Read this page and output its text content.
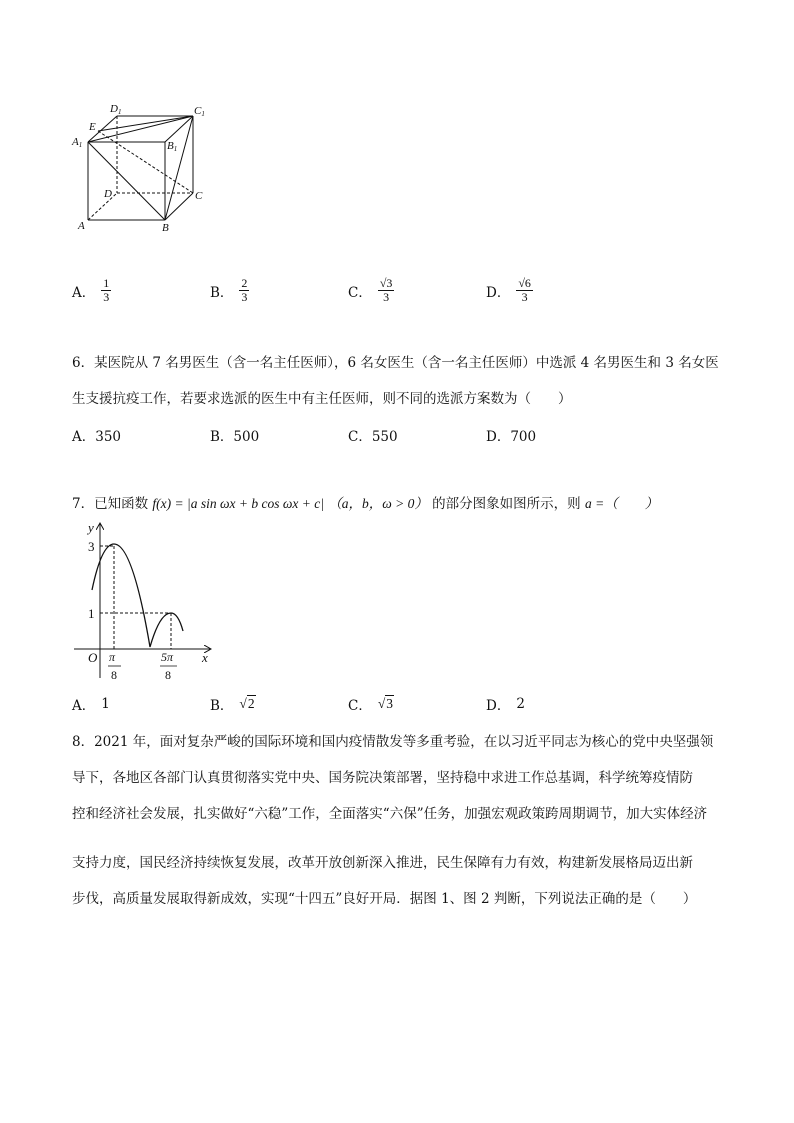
D1	C1
E
A1	B1
D	C
A	B
A． $\frac{1}{3}$	B． $\frac{2}{3}$	C． $\frac{√3}{3}$	D． $\frac{√6}{3}$
6．某医院从 7 名男医生（含一名主任医师），6 名女医生（含一名主任医师）中选派 4 名男医生和 3 名女医
生支援抗疫工作，若要求选派的医生中有主任医师，则不同的选派方案数为（　　）
A．350	B．500	C．550	D．700
7．已知函数 f(x) = |a sin ωx + b cos ωx + c| （a，b，ω > 0） 的部分图象如图所示，则 a =（　　）
y
x
O
3
1
π
8
5π
8
A． 1	B． √2	C． √3	D． 2
8．2021 年，面对复杂严峻的国际环境和国内疫情散发等多重考验，在以习近平同志为核心的党中央坚强领
导下，各地区各部门认真贯彻落实党中央、国务院决策部署，坚持稳中求进工作总基调，科学统筹疫情防
控和经济社会发展，扎实做好“六稳”工作，全面落实“六保”任务，加强宏观政策跨周期调节，加大实体经济
支持力度，国民经济持续恢复发展，改革开放创新深入推进，民生保障有力有效，构建新发展格局迈出新
步伐，高质量发展取得新成效，实现“十四五”良好开局．据图 1、图 2 判断，下列说法正确的是（　　）
